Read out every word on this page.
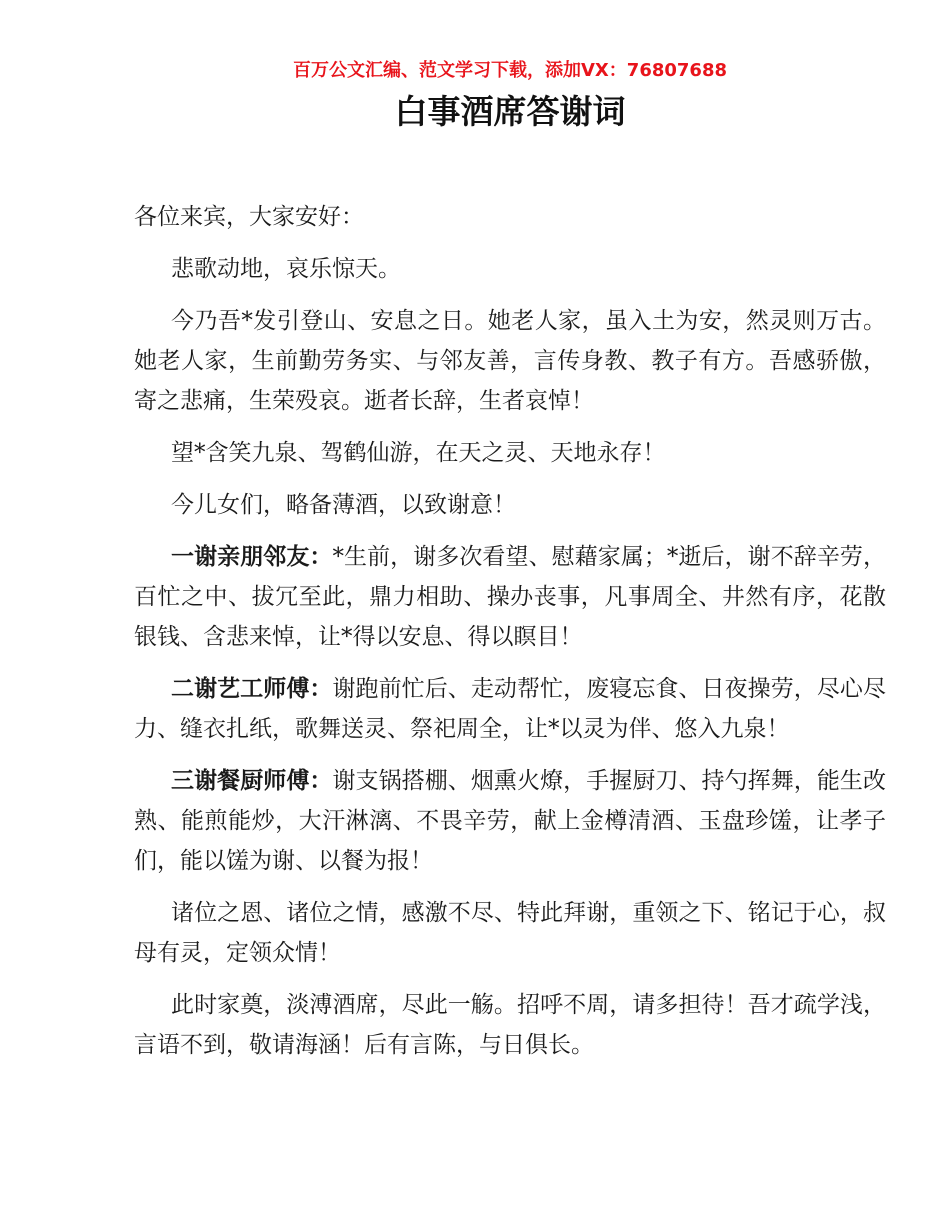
百万公文汇编、范文学习下载，添加VX：76807688
白事酒席答谢词

各位来宾，大家安好：

悲歌动地，哀乐惊天。

今乃吾*发引登山、安息之日。她老人家，虽入土为安，然灵则万古。她老人家，生前勤劳务实、与邻友善，言传身教、教子有方。吾感骄傲，寄之悲痛，生荣殁哀。逝者长辞，生者哀悼！

望*含笑九泉、驾鹤仙游，在天之灵、天地永存！

今儿女们，略备薄酒，以致谢意！

一谢亲朋邻友：*生前，谢多次看望、慰藉家属；*逝后，谢不辞辛劳，百忙之中、拔冗至此，鼎力相助、操办丧事，凡事周全、井然有序，花散银钱、含悲来悼，让*得以安息、得以瞑目！

二谢艺工师傅：谢跑前忙后、走动帮忙，废寝忘食、日夜操劳，尽心尽力、缝衣扎纸，歌舞送灵、祭祀周全，让*以灵为伴、悠入九泉！

三谢餐厨师傅：谢支锅搭棚、烟熏火燎，手握厨刀、持勺挥舞，能生改熟、能煎能炒，大汗淋漓、不畏辛劳，献上金樽清酒、玉盘珍馐，让孝子们，能以馐为谢、以餐为报！

诸位之恩、诸位之情，感激不尽、特此拜谢，重领之下、铭记于心，叔母有灵，定领众情！

此时家奠，淡溥酒席，尽此一觞。招呼不周，请多担待！吾才疏学浅，言语不到，敬请海涵！后有言陈，与日俱长。
